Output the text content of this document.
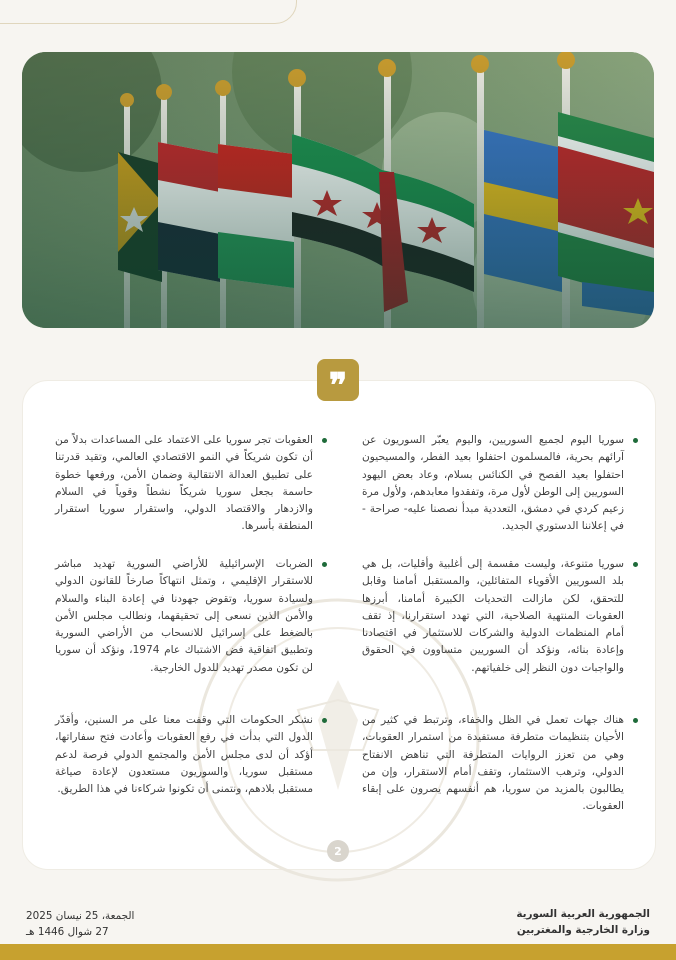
❞
سوريا اليوم لجميع السوريين، واليوم يعبّر السوريون عن آرائهم بحرية، فالمسلمون احتفلوا بعيد الفطر، والمسيحيون احتفلوا بعيد الفصح في الكنائس بسلام، وعاد بعض اليهود السوريين إلى الوطن لأول مرة، وتفقدوا معابدهم، ولأول مرة زعيم كردي في دمشق، التعددية مبدأ نصصنا عليه- صراحة - في إعلاننا الدستوري الجديد.
سوريا متنوعة، وليست مقسمة إلى أغلبية وأقليات، بل هي بلد السوريين الأقوياء المتفائلين، والمستقبل أمامنا وقابل للتحقق، لكن مازالت التحديات الكبيرة أمامنا، أبرزها العقوبات المنتهية الصلاحية، التي تهدد استقرارنا، إذ تقف أمام المنظمات الدولية والشركات للاستثمار في اقتصادنا وإعادة بنائه، ونؤكد أن السوريين متساوون في الحقوق والواجبات دون النظر إلى خلفياتهم.
هناك جهات تعمل في الظل والخفاء، وترتبط في كثير من الأحيان بتنظيمات متطرفة مستفيدة من استمرار العقوبات، وهي من تعزز الروايات المتطرفة التي تناهض الانفتاح الدولي، وترهب الاستثمار، وتقف أمام الاستقرار، وإن من يطالبون بالمزيد من سوريا، هم أنفسهم يصرون على إبقاء العقوبات.
العقوبات تجر سوريا على الاعتماد على المساعدات بدلاً من أن تكون شريكاً في النمو الاقتصادي العالمي، وتقيد قدرتنا على تطبيق العدالة الانتقالية وضمان الأمن، ورفعها خطوة حاسمة بجعل سوريا شريكاً نشطاً وقوياً في السلام والازدهار والاقتصاد الدولي، واستقرار سوريا استقرار المنطقة بأسرها.
الضربات الإسرائيلية للأراضي السورية تهديد مباشر للاستقرار الإقليمي ، وتمثل انتهاكاً صارخاً للقانون الدولي ولسيادة سوريا، وتقوض جهودنا في إعادة البناء والسلام والأمن الذين نسعى إلى تحقيقهما، ونطالب مجلس الأمن بالضغط على إسرائيل للانسحاب من الأراضي السورية وتطبيق اتفاقية فض الاشتباك عام 1974، ونؤكد أن سوريا لن تكون مصدر تهديد للدول الخارجية.
نشكر الحكومات التي وقفت معنا على مر السنين، وأقدّر الدول التي بدأت في رفع العقوبات وأعادت فتح سفاراتها، أؤكد أن لدى مجلس الأمن والمجتمع الدولي فرصة لدعم مستقبل سوريا، والسوريون مستعدون لإعادة صياغة مستقبل بلادهم، ونتمنى أن تكونوا شركاءنا في هذا الطريق.
2
الجمهورية العربية السورية
وزارة الخارجية والمغتربين
الجمعة، 25 نيسان 2025
27 شوال 1446 هـ
